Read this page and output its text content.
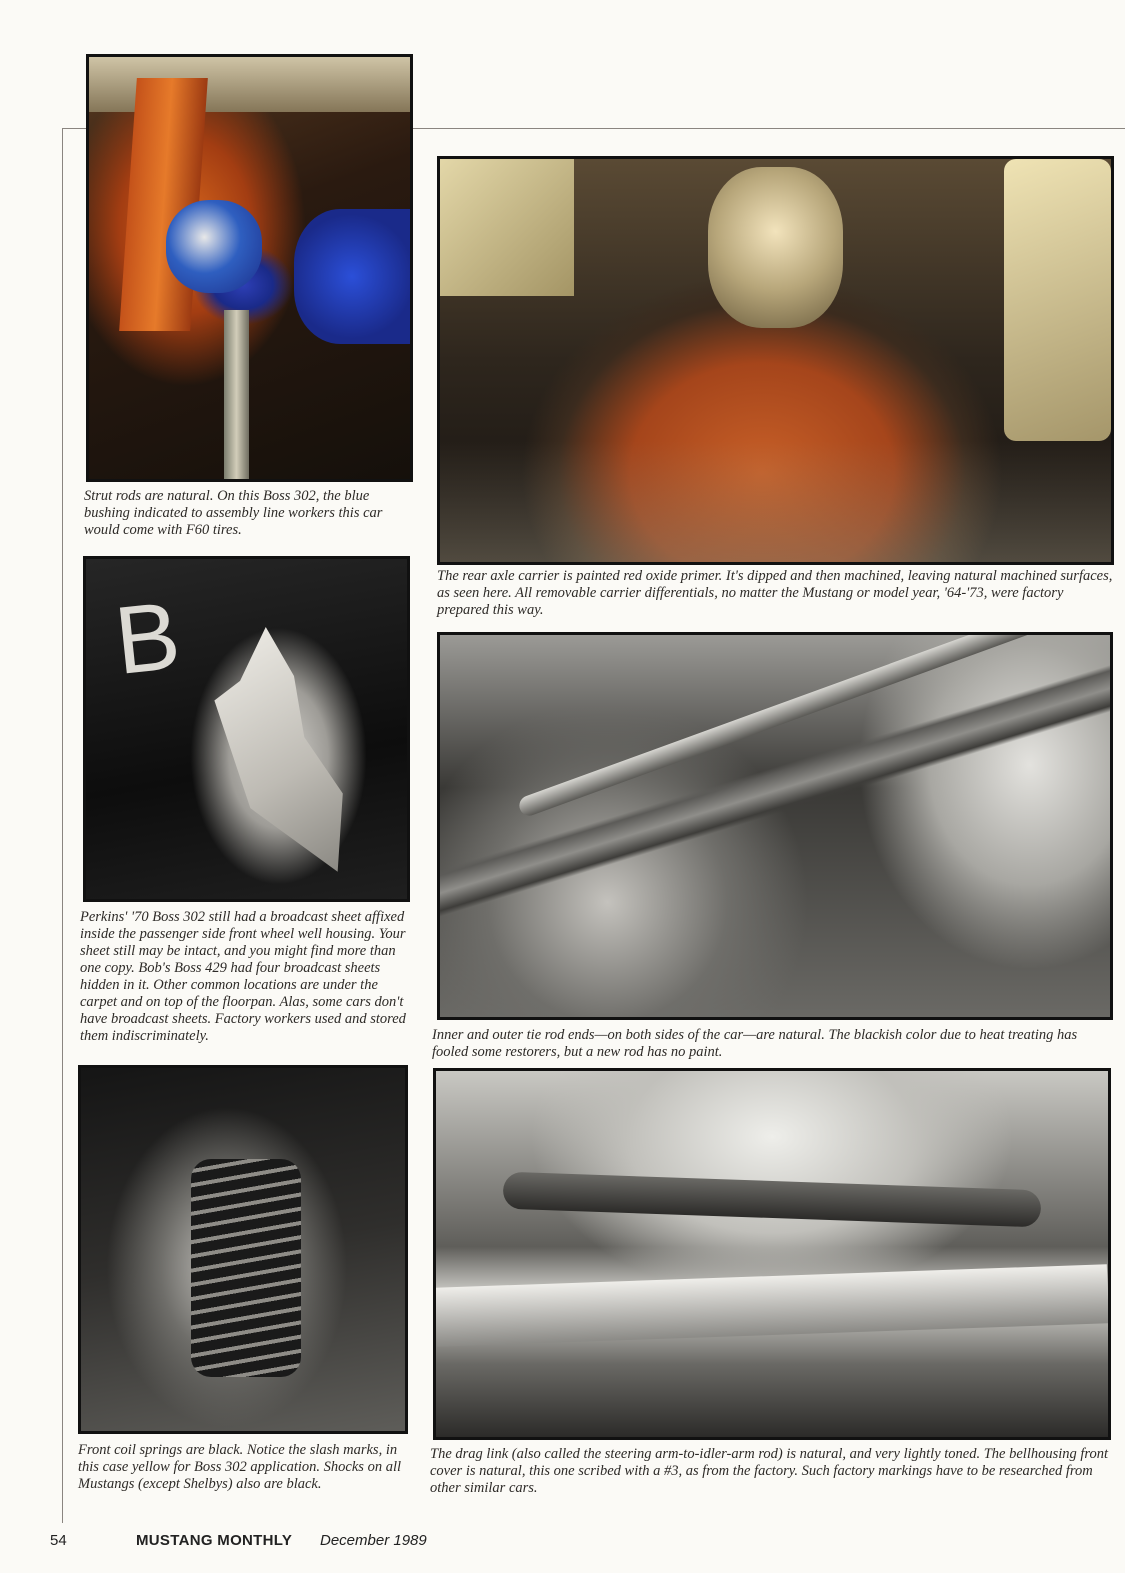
Strut rods are natural. On this Boss 302, the blue bushing indicated to assembly line workers this car would come with F60 tires.

The rear axle carrier is painted red oxide primer. It's dipped and then machined, leaving natural machined surfaces, as seen here. All removable carrier differentials, no matter the Mustang or model year, '64-'73, were factory prepared this way.

B

Perkins' '70 Boss 302 still had a broadcast sheet affixed inside the passenger side front wheel well housing. Your sheet still may be intact, and you might find more than one copy. Bob's Boss 429 had four broadcast sheets hidden in it. Other common locations are under the carpet and on top of the floorpan. Alas, some cars don't have broadcast sheets. Factory workers used and stored them indiscriminately.	Inner and outer tie rod ends—on both sides of the car—are natural. The blackish color due to heat treating has fooled some restorers, but a new rod has no paint.

Front coil springs are black. Notice the slash marks, in this case yellow for Boss 302 application. Shocks on all Mustangs (except Shelbys) also are black.

The drag link (also called the steering arm-to-idler-arm rod) is natural, and very lightly toned. The bellhousing front cover is natural, this one scribed with a #3, as from the factory. Such factory markings have to be researched from other similar cars.

54	MUSTANG MONTHLY December 1989
